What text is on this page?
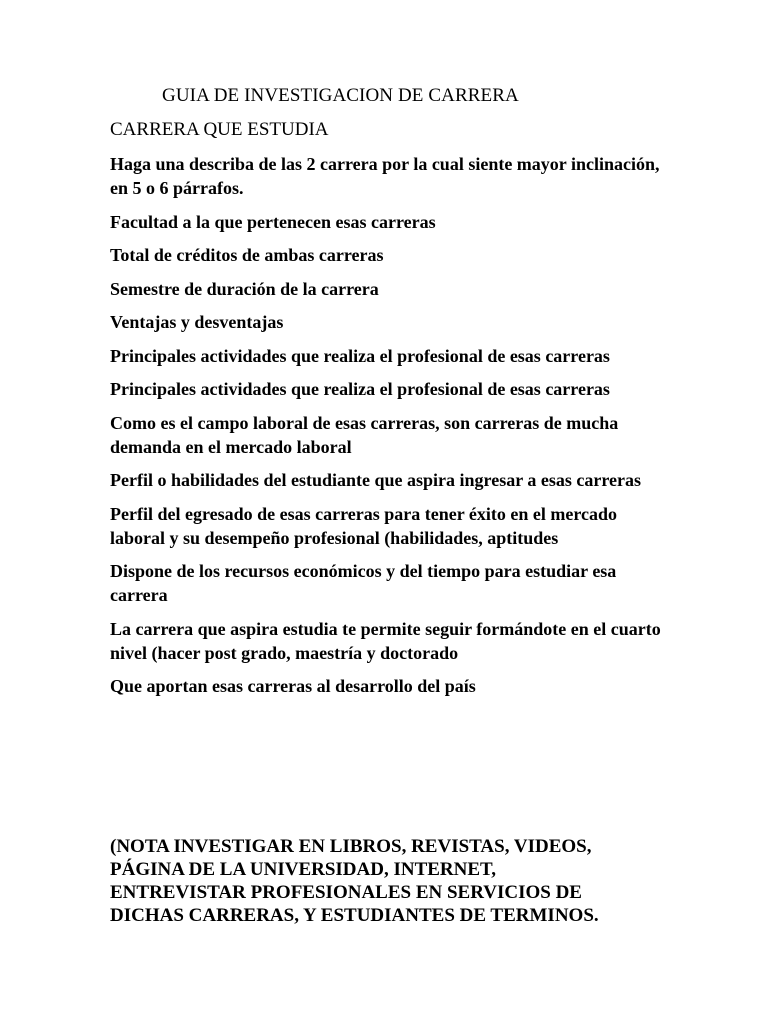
GUIA DE INVESTIGACION DE CARRERA
CARRERA QUE ESTUDIA
Haga una describa de las 2 carrera por la cual siente mayor inclinación, en 5 o 6 párrafos.
Facultad a la que pertenecen esas carreras
Total de créditos de ambas carreras
Semestre de duración de la carrera
Ventajas y desventajas
Principales actividades que realiza el profesional de esas carreras
Principales actividades que realiza el profesional de esas carreras
Como es el campo laboral de esas carreras, son carreras de mucha demanda en el mercado laboral
Perfil o habilidades del estudiante que aspira ingresar a esas carreras
Perfil del egresado de esas carreras para tener éxito en el mercado laboral y su desempeño profesional (habilidades, aptitudes
Dispone de los recursos económicos y del tiempo para estudiar esa carrera
La carrera que aspira estudia te permite seguir formándote en el cuarto nivel (hacer post grado, maestría y doctorado
Que aportan esas carreras al desarrollo del país
(NOTA INVESTIGAR EN LIBROS, REVISTAS, VIDEOS,
PÁGINA DE LA UNIVERSIDAD, INTERNET,
ENTREVISTAR PROFESIONALES EN SERVICIOS DE
DICHAS CARRERAS, Y ESTUDIANTES DE TERMINOS.
